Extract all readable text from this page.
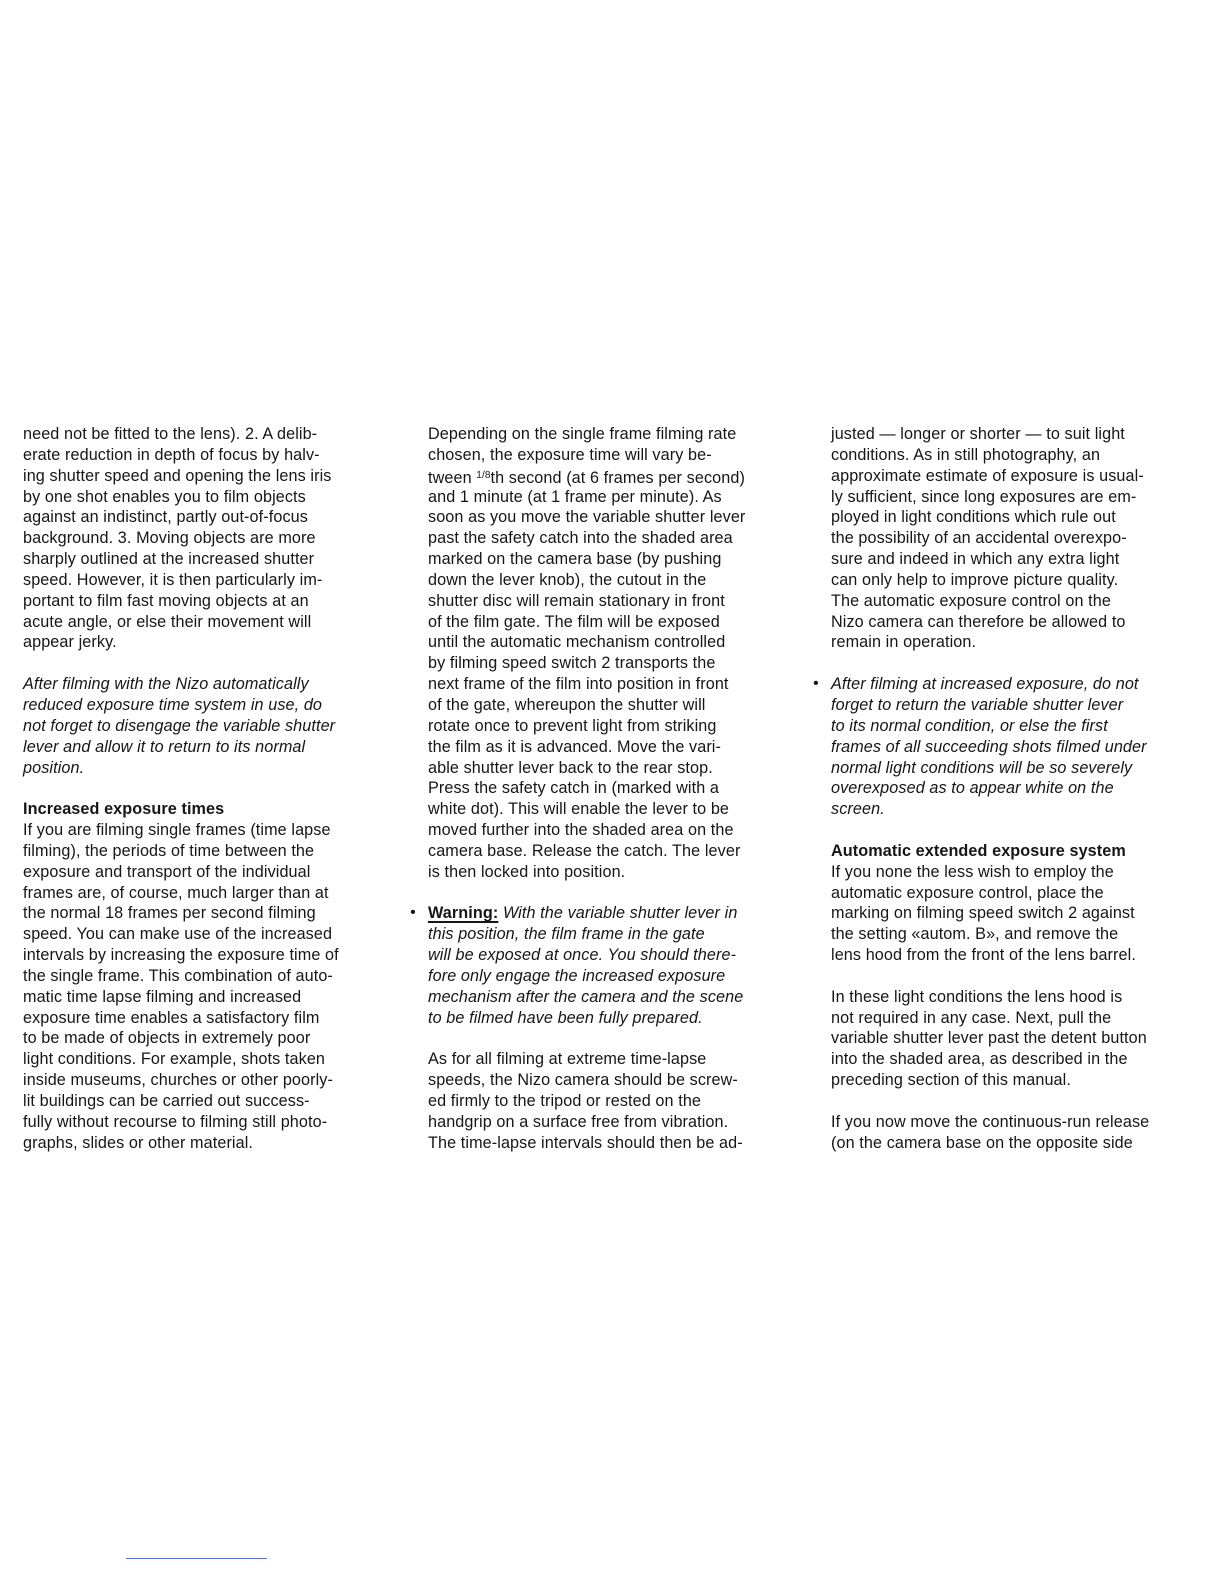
need not be fitted to the lens). 2. A delib-
erate reduction in depth of focus by halv-
ing shutter speed and opening the lens iris
by one shot enables you to film objects
against an indistinct, partly out-of-focus
background. 3. Moving objects are more
sharply outlined at the increased shutter
speed. However, it is then particularly im-
portant to film fast moving objects at an
acute angle, or else their movement will
appear jerky.
After filming with the Nizo automatically
reduced exposure time system in use, do
not forget to disengage the variable shutter
lever and allow it to return to its normal
position.
Increased exposure times
If you are filming single frames (time lapse
filming), the periods of time between the
exposure and transport of the individual
frames are, of course, much larger than at
the normal 18 frames per second filming
speed. You can make use of the increased
intervals by increasing the exposure time of
the single frame. This combination of auto-
matic time lapse filming and increased
exposure time enables a satisfactory film
to be made of objects in extremely poor
light conditions. For example, shots taken
inside museums, churches or other poorly-
lit buildings can be carried out success-
fully without recourse to filming still photo-
graphs, slides or other material.
Depending on the single frame filming rate
chosen, the exposure time will vary be-
tween $^{1/8}$th second (at 6 frames per second)
and 1 minute (at 1 frame per minute). As
soon as you move the variable shutter lever
past the safety catch into the shaded area
marked on the camera base (by pushing
down the lever knob), the cutout in the
shutter disc will remain stationary in front
of the film gate. The film will be exposed
until the automatic mechanism controlled
by filming speed switch 2 transports the
next frame of the film into position in front
of the gate, whereupon the shutter will
rotate once to prevent light from striking
the film as it is advanced. Move the vari-
able shutter lever back to the rear stop.
Press the safety catch in (marked with a
white dot). This will enable the lever to be
moved further into the shaded area on the
camera base. Release the catch. The lever
is then locked into position.
• Warning: With the variable shutter lever in
this position, the film frame in the gate
will be exposed at once. You should there-
fore only engage the increased exposure
mechanism after the camera and the scene
to be filmed have been fully prepared.
As for all filming at extreme time-lapse
speeds, the Nizo camera should be screw-
ed firmly to the tripod or rested on the
handgrip on a surface free from vibration.
The time-lapse intervals should then be ad-
justed — longer or shorter — to suit light
conditions. As in still photography, an
approximate estimate of exposure is usual-
ly sufficient, since long exposures are em-
ployed in light conditions which rule out
the possibility of an accidental overexpo-
sure and indeed in which any extra light
can only help to improve picture quality.
The automatic exposure control on the
Nizo camera can therefore be allowed to
remain in operation.
• After filming at increased exposure, do not
forget to return the variable shutter lever
to its normal condition, or else the first
frames of all succeeding shots filmed under
normal light conditions will be so severely
overexposed as to appear white on the
screen.
Automatic extended exposure system
If you none the less wish to employ the
automatic exposure control, place the
marking on filming speed switch 2 against
the setting «autom. B», and remove the
lens hood from the front of the lens barrel.
In these light conditions the lens hood is
not required in any case. Next, pull the
variable shutter lever past the detent button
into the shaded area, as described in the
preceding section of this manual.
If you now move the continuous-run release
(on the camera base on the opposite side
